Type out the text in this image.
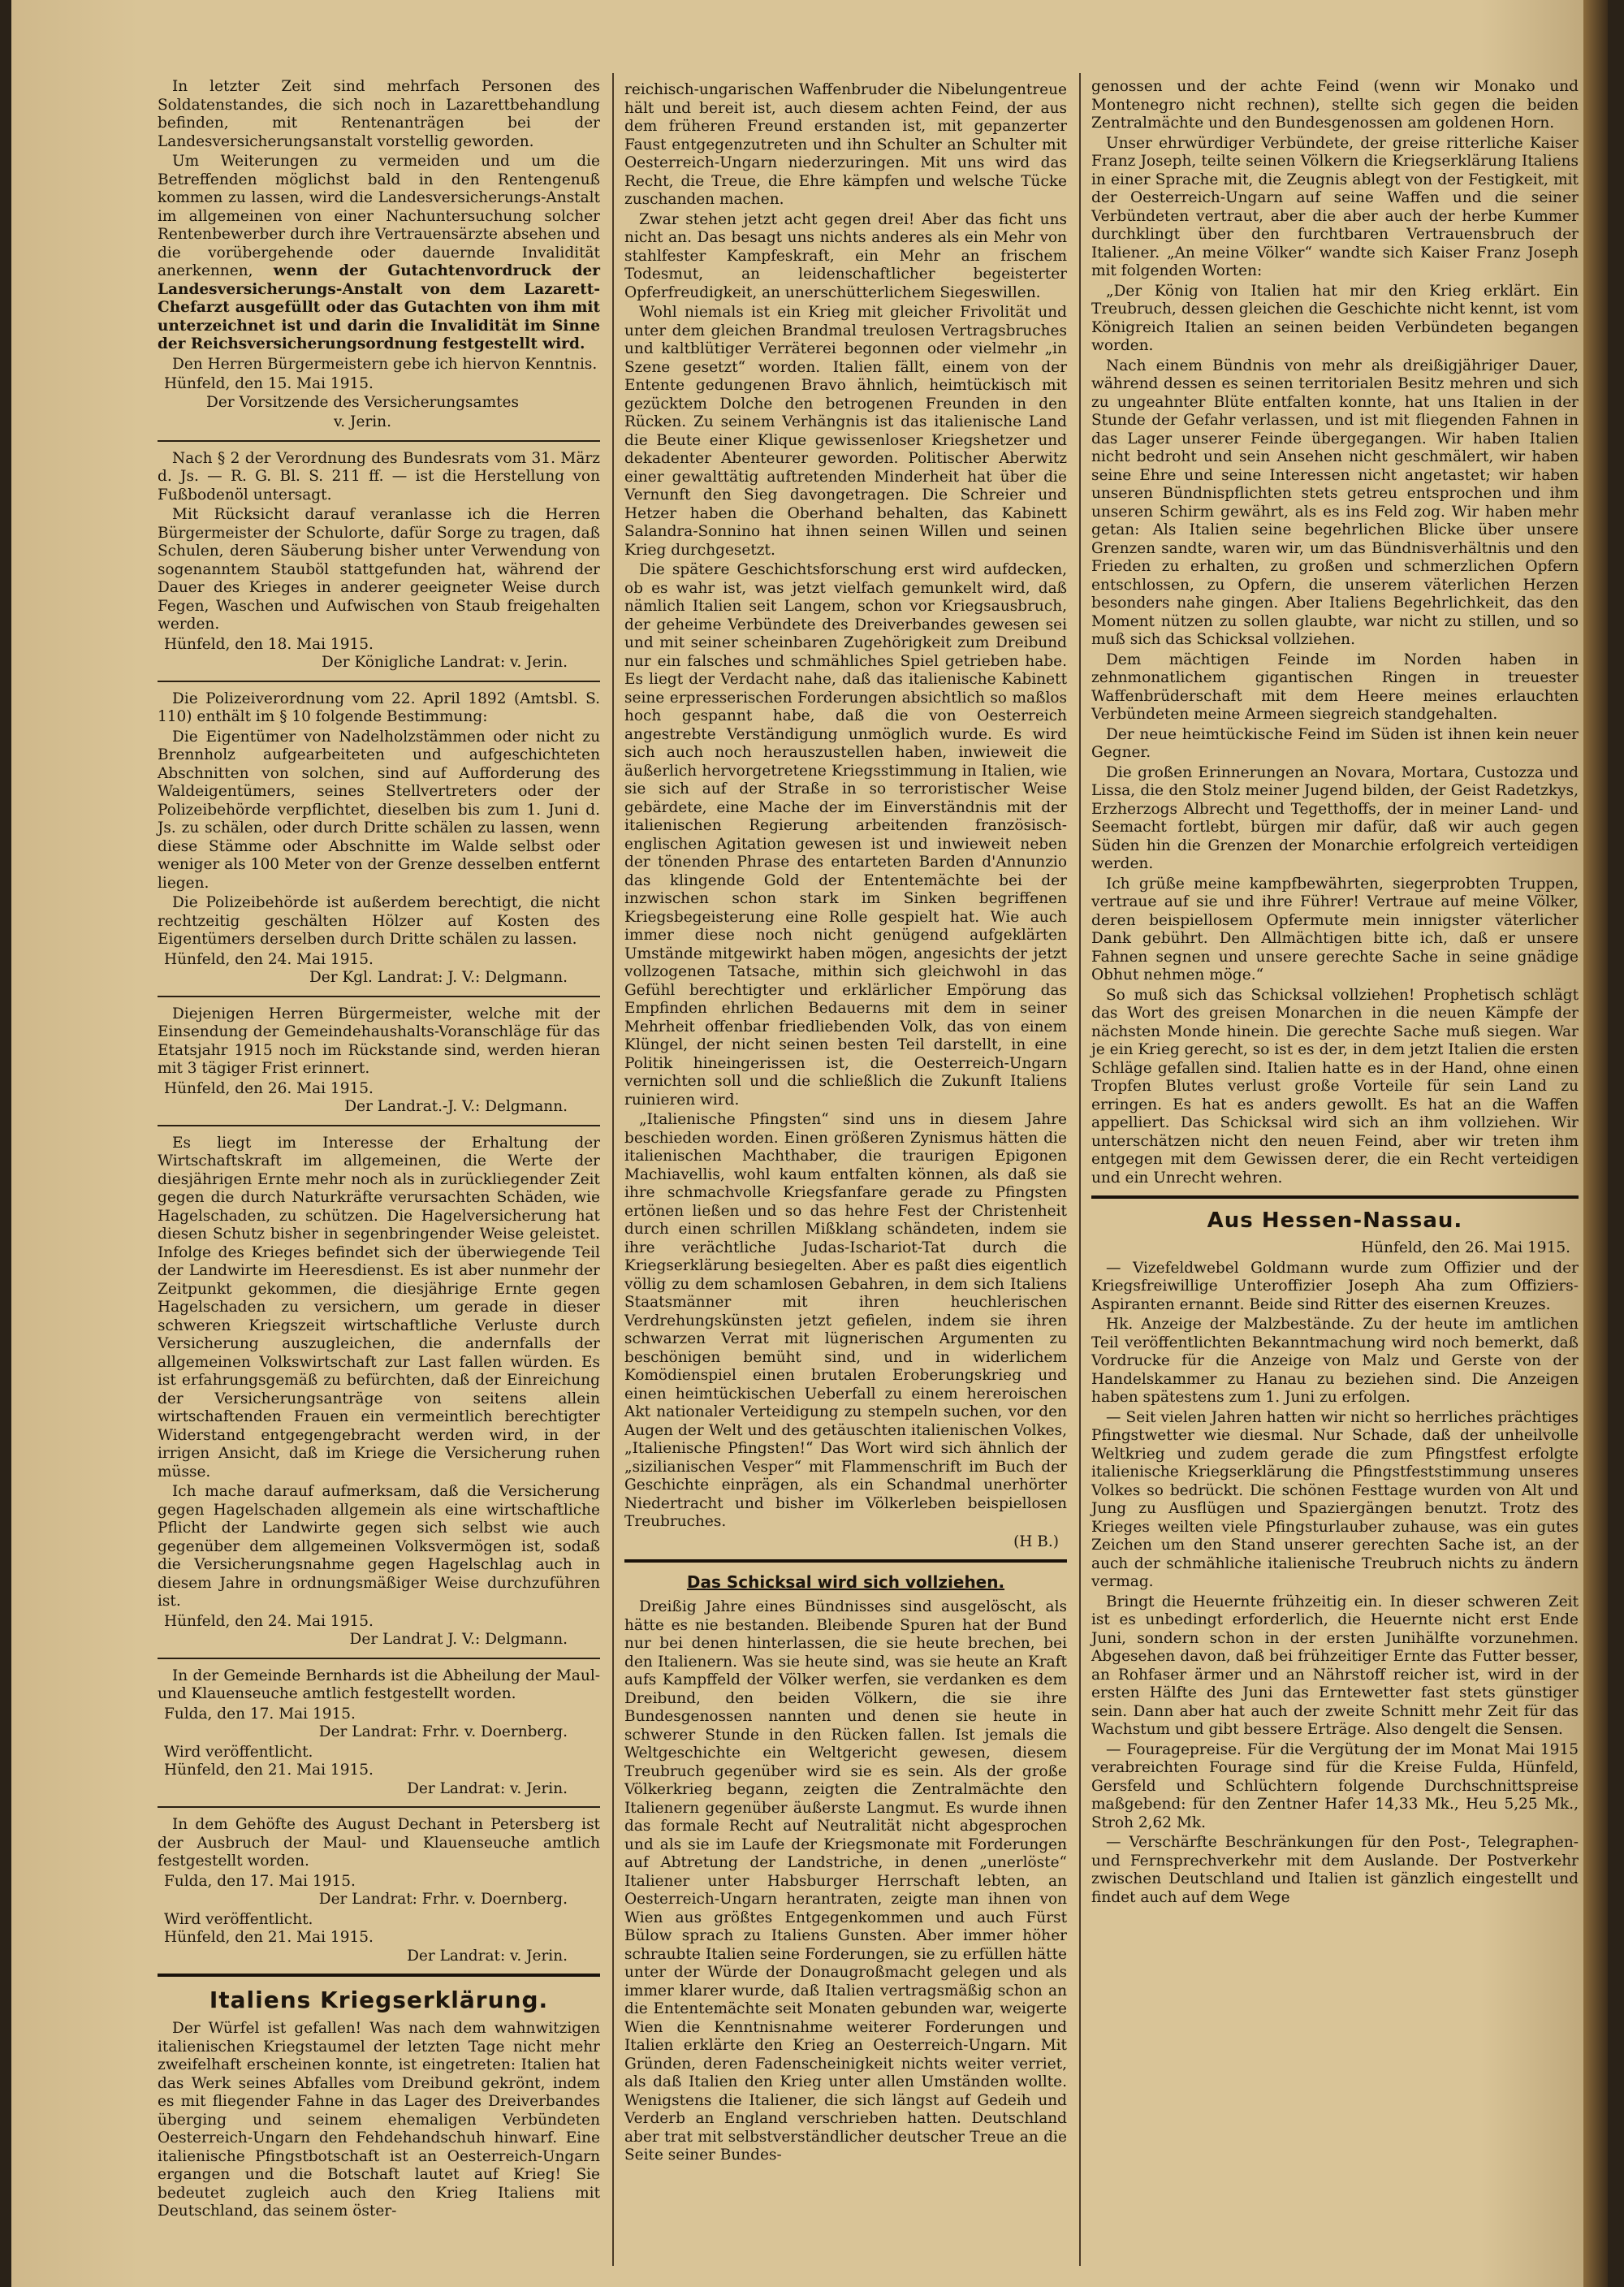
In letzter Zeit sind mehrfach Personen des Soldatenstandes, die sich noch in Lazarettbehandlung befinden, mit Rentenanträgen bei der Landesversicherungsanstalt vorstellig geworden.

Um Weiterungen zu vermeiden und um die Betreffenden möglichst bald in den Rentengenuß kommen zu lassen, wird die Landesversicherungs-Anstalt im allgemeinen von einer Nachuntersuchung solcher Rentenbewerber durch ihre Vertrauensärzte absehen und die vorübergehende oder dauernde Invalidität anerkennen, wenn der Gutachtenvordruck der Landesversicherungs-Anstalt von dem Lazarett-Chefarzt ausgefüllt oder das Gutachten von ihm mit unterzeichnet ist und darin die Invalidität im Sinne der Reichsversicherungsordnung festgestellt wird.

Den Herren Bürgermeistern gebe ich hiervon Kenntnis.

Hünfeld, den 15. Mai 1915.
Der Vorsitzende des Versicherungsamtes
v. Jerin.

Nach § 2 der Verordnung des Bundesrats vom 31. März d. Js. — R. G. Bl. S. 211 ff. — ist die Herstellung von Fußbodenöl untersagt.

Mit Rücksicht darauf veranlasse ich die Herren Bürgermeister der Schulorte, dafür Sorge zu tragen, daß Schulen, deren Säuberung bisher unter Verwendung von sogenanntem Stauböl stattgefunden hat, während der Dauer des Krieges in anderer geeigneter Weise durch Fegen, Waschen und Aufwischen von Staub freigehalten werden.

Hünfeld, den 18. Mai 1915.
Der Königliche Landrat: v. Jerin.

Die Polizeiverordnung vom 22. April 1892 (Amtsbl. S. 110) enthält im § 10 folgende Bestimmung:

Die Eigentümer von Nadelholzstämmen oder nicht zu Brennholz aufgearbeiteten und aufgeschichteten Abschnitten von solchen, sind auf Aufforderung des Waldeigentümers, seines Stellvertreters oder der Polizeibehörde verpflichtet, dieselben bis zum 1. Juni d. Js. zu schälen, oder durch Dritte schälen zu lassen, wenn diese Stämme oder Abschnitte im Walde selbst oder weniger als 100 Meter von der Grenze desselben entfernt liegen.

Die Polizeibehörde ist außerdem berechtigt, die nicht rechtzeitig geschälten Hölzer auf Kosten des Eigentümers derselben durch Dritte schälen zu lassen.

Hünfeld, den 24. Mai 1915.
Der Kgl. Landrat: J. V.: Delgmann.

Diejenigen Herren Bürgermeister, welche mit der Einsendung der Gemeindehaushalts-Voranschläge für das Etatsjahr 1915 noch im Rückstande sind, werden hieran mit 3 tägiger Frist erinnert.

Hünfeld, den 26. Mai 1915.
Der Landrat.-J. V.: Delgmann.

Es liegt im Interesse der Erhaltung der Wirtschaftskraft im allgemeinen, die Werte der diesjährigen Ernte mehr noch als in zurückliegender Zeit gegen die durch Naturkräfte verursachten Schäden, wie Hagelschaden, zu schützen. Die Hagelversicherung hat diesen Schutz bisher in segenbringender Weise geleistet. Infolge des Krieges befindet sich der überwiegende Teil der Landwirte im Heeresdienst. Es ist aber nunmehr der Zeitpunkt gekommen, die diesjährige Ernte gegen Hagelschaden zu versichern, um gerade in dieser schweren Kriegszeit wirtschaftliche Verluste durch Versicherung auszugleichen, die andernfalls der allgemeinen Volkswirtschaft zur Last fallen würden. Es ist erfahrungsgemäß zu befürchten, daß der Einreichung der Versicherungsanträge von seitens allein wirtschaftenden Frauen ein vermeintlich berechtigter Widerstand entgegengebracht werden wird, in der irrigen Ansicht, daß im Kriege die Versicherung ruhen müsse.

Ich mache darauf aufmerksam, daß die Versicherung gegen Hagelschaden allgemein als eine wirtschaftliche Pflicht der Landwirte gegen sich selbst wie auch gegenüber dem allgemeinen Volksvermögen ist, sodaß die Versicherungsnahme gegen Hagelschlag auch in diesem Jahre in ordnungsmäßiger Weise durchzuführen ist.

Hünfeld, den 24. Mai 1915.
Der Landrat J. V.: Delgmann.

In der Gemeinde Bernhards ist die Abheilung der Maul- und Klauenseuche amtlich festgestellt worden.

Fulda, den 17. Mai 1915.
Der Landrat: Frhr. v. Doernberg.
Wird veröffentlicht.
Hünfeld, den 21. Mai 1915.
Der Landrat: v. Jerin.

In dem Gehöfte des August Dechant in Petersberg ist der Ausbruch der Maul- und Klauenseuche amtlich festgestellt worden.

Fulda, den 17. Mai 1915.
Der Landrat: Frhr. v. Doernberg.
Wird veröffentlicht.
Hünfeld, den 21. Mai 1915.
Der Landrat: v. Jerin.
Italiens Kriegserklärung.

Der Würfel ist gefallen! Was nach dem wahnwitzigen italienischen Kriegstaumel der letzten Tage nicht mehr zweifelhaft erscheinen konnte, ist eingetreten: Italien hat das Werk seines Abfalles vom Dreibund gekrönt, indem es mit fliegender Fahne in das Lager des Dreiverbandes überging und seinem ehemaligen Verbündeten Oesterreich-Ungarn den Fehdehandschuh hinwarf. Eine italienische Pfingstbotschaft ist an Oesterreich-Ungarn ergangen und die Botschaft lautet auf Krieg! Sie bedeutet zugleich auch den Krieg Italiens mit Deutschland, das seinem öster-

reichisch-ungarischen Waffenbruder die Nibelungentreue hält und bereit ist, auch diesem achten Feind, der aus dem früheren Freund erstanden ist, mit gepanzerter Faust entgegenzutreten und ihn Schulter an Schulter mit Oesterreich-Ungarn niederzuringen. Mit uns wird das Recht, die Treue, die Ehre kämpfen und welsche Tücke zuschanden machen.

Zwar stehen jetzt acht gegen drei! Aber das ficht uns nicht an. Das besagt uns nichts anderes als ein Mehr von stahlfester Kampfeskraft, ein Mehr an frischem Todesmut, an leidenschaftlicher begeisterter Opferfreudigkeit, an unerschütterlichem Siegeswillen.

Wohl niemals ist ein Krieg mit gleicher Frivolität und unter dem gleichen Brandmal treulosen Vertragsbruches und kaltblütiger Verräterei begonnen oder vielmehr „in Szene gesetzt“ worden. Italien fällt, einem von der Entente gedungenen Bravo ähnlich, heimtückisch mit gezücktem Dolche den betrogenen Freunden in den Rücken. Zu seinem Verhängnis ist das italienische Land die Beute einer Klique gewissenloser Kriegshetzer und dekadenter Abenteurer geworden. Politischer Aberwitz einer gewalttätig auftretenden Minderheit hat über die Vernunft den Sieg davongetragen. Die Schreier und Hetzer haben die Oberhand behalten, das Kabinett Salandra-Sonnino hat ihnen seinen Willen und seinen Krieg durchgesetzt.

Die spätere Geschichtsforschung erst wird aufdecken, ob es wahr ist, was jetzt vielfach gemunkelt wird, daß nämlich Italien seit Langem, schon vor Kriegsausbruch, der geheime Verbündete des Dreiverbandes gewesen sei und mit seiner scheinbaren Zugehörigkeit zum Dreibund nur ein falsches und schmähliches Spiel getrieben habe. Es liegt der Verdacht nahe, daß das italienische Kabinett seine erpresserischen Forderungen absichtlich so maßlos hoch gespannt habe, daß die von Oesterreich angestrebte Verständigung unmöglich wurde. Es wird sich auch noch herauszustellen haben, inwieweit die äußerlich hervorgetretene Kriegsstimmung in Italien, wie sie sich auf der Straße in so terroristischer Weise gebärdete, eine Mache der im Einverständnis mit der italienischen Regierung arbeitenden französisch-englischen Agitation gewesen ist und inwieweit neben der tönenden Phrase des entarteten Barden d'Annunzio das klingende Gold der Ententemächte bei der inzwischen schon stark im Sinken begriffenen Kriegsbegeisterung eine Rolle gespielt hat. Wie auch immer diese noch nicht genügend aufgeklärten Umstände mitgewirkt haben mögen, angesichts der jetzt vollzogenen Tatsache, mithin sich gleichwohl in das Gefühl berechtigter und erklärlicher Empörung das Empfinden ehrlichen Bedauerns mit dem in seiner Mehrheit offenbar friedliebenden Volk, das von einem Klüngel, der nicht seinen besten Teil darstellt, in eine Politik hineingerissen ist, die Oesterreich-Ungarn vernichten soll und die schließlich die Zukunft Italiens ruinieren wird.

„Italienische Pfingsten“ sind uns in diesem Jahre beschieden worden. Einen größeren Zynismus hätten die italienischen Machthaber, die traurigen Epigonen Machiavellis, wohl kaum entfalten können, als daß sie ihre schmachvolle Kriegsfanfare gerade zu Pfingsten ertönen ließen und so das hehre Fest der Christenheit durch einen schrillen Mißklang schändeten, indem sie ihre verächtliche Judas-Ischariot-Tat durch die Kriegserklärung besiegelten. Aber es paßt dies eigentlich völlig zu dem schamlosen Gebahren, in dem sich Italiens Staatsmänner mit ihren heuchlerischen Verdrehungskünsten jetzt gefielen, indem sie ihren schwarzen Verrat mit lügnerischen Argumenten zu beschönigen bemüht sind, und in widerlichem Komödienspiel einen brutalen Eroberungskrieg und einen heimtückischen Ueberfall zu einem hereroischen Akt nationaler Verteidigung zu stempeln suchen, vor den Augen der Welt und des getäuschten italienischen Volkes, „Italienische Pfingsten!“ Das Wort wird sich ähnlich der „sizilianischen Vesper“ mit Flammenschrift im Buch der Geschichte einprägen, als ein Schandmal unerhörter Niedertracht und bisher im Völkerleben beispiellosen Treubruches.

(H B.)
Das Schicksal wird sich vollziehen.

Dreißig Jahre eines Bündnisses sind ausgelöscht, als hätte es nie bestanden. Bleibende Spuren hat der Bund nur bei denen hinterlassen, die sie heute brechen, bei den Italienern. Was sie heute sind, was sie heute an Kraft aufs Kampffeld der Völker werfen, sie verdanken es dem Dreibund, den beiden Völkern, die sie ihre Bundesgenossen nannten und denen sie heute in schwerer Stunde in den Rücken fallen. Ist jemals die Weltgeschichte ein Weltgericht gewesen, diesem Treubruch gegenüber wird sie es sein. Als der große Völkerkrieg begann, zeigten die Zentralmächte den Italienern gegenüber äußerste Langmut. Es wurde ihnen das formale Recht auf Neutralität nicht abgesprochen und als sie im Laufe der Kriegsmonate mit Forderungen auf Abtretung der Landstriche, in denen „unerlöste“ Italiener unter Habsburger Herrschaft lebten, an Oesterreich-Ungarn herantraten, zeigte man ihnen von Wien aus größtes Entgegenkommen und auch Fürst Bülow sprach zu Italiens Gunsten. Aber immer höher schraubte Italien seine Forderungen, sie zu erfüllen hätte unter der Würde der Donaugroßmacht gelegen und als immer klarer wurde, daß Italien vertragsmäßig schon an die Ententemächte seit Monaten gebunden war, weigerte Wien die Kenntnisnahme weiterer Forderungen und Italien erklärte den Krieg an Oesterreich-Ungarn. Mit Gründen, deren Fadenscheinigkeit nichts weiter verriet, als daß Italien den Krieg unter allen Umständen wollte. Wenigstens die Italiener, die sich längst auf Gedeih und Verderb an England verschrieben hatten. Deutschland aber trat mit selbstverständlicher deutscher Treue an die Seite seiner Bundes-

genossen und der achte Feind (wenn wir Monako und Montenegro nicht rechnen), stellte sich gegen die beiden Zentralmächte und den Bundesgenossen am goldenen Horn.

Unser ehrwürdiger Verbündete, der greise ritterliche Kaiser Franz Joseph, teilte seinen Völkern die Kriegserklärung Italiens in einer Sprache mit, die Zeugnis ablegt von der Festigkeit, mit der Oesterreich-Ungarn auf seine Waffen und die seiner Verbündeten vertraut, aber die aber auch der herbe Kummer durchklingt über den furchtbaren Vertrauensbruch der Italiener. „An meine Völker“ wandte sich Kaiser Franz Joseph mit folgenden Worten:

„Der König von Italien hat mir den Krieg erklärt. Ein Treubruch, dessen gleichen die Geschichte nicht kennt, ist vom Königreich Italien an seinen beiden Verbündeten begangen worden.

Nach einem Bündnis von mehr als dreißigjähriger Dauer, während dessen es seinen territorialen Besitz mehren und sich zu ungeahnter Blüte entfalten konnte, hat uns Italien in der Stunde der Gefahr verlassen, und ist mit fliegenden Fahnen in das Lager unserer Feinde übergegangen. Wir haben Italien nicht bedroht und sein Ansehen nicht geschmälert, wir haben seine Ehre und seine Interessen nicht angetastet; wir haben unseren Bündnispflichten stets getreu entsprochen und ihm unseren Schirm gewährt, als es ins Feld zog. Wir haben mehr getan: Als Italien seine begehrlichen Blicke über unsere Grenzen sandte, waren wir, um das Bündnisverhältnis und den Frieden zu erhalten, zu großen und schmerzlichen Opfern entschlossen, zu Opfern, die unserem väterlichen Herzen besonders nahe gingen. Aber Italiens Begehrlichkeit, das den Moment nützen zu sollen glaubte, war nicht zu stillen, und so muß sich das Schicksal vollziehen.

Dem mächtigen Feinde im Norden haben in zehnmonatlichem gigantischen Ringen in treuester Waffenbrüderschaft mit dem Heere meines erlauchten Verbündeten meine Armeen siegreich standgehalten.

Der neue heimtückische Feind im Süden ist ihnen kein neuer Gegner.

Die großen Erinnerungen an Novara, Mortara, Custozza und Lissa, die den Stolz meiner Jugend bilden, der Geist Radetzkys, Erzherzogs Albrecht und Tegetthoffs, der in meiner Land- und Seemacht fortlebt, bürgen mir dafür, daß wir auch gegen Süden hin die Grenzen der Monarchie erfolgreich verteidigen werden.

Ich grüße meine kampfbewährten, siegerprobten Truppen, vertraue auf sie und ihre Führer! Vertraue auf meine Völker, deren beispiellosem Opfermute mein innigster väterlicher Dank gebührt. Den Allmächtigen bitte ich, daß er unsere Fahnen segnen und unsere gerechte Sache in seine gnädige Obhut nehmen möge.“

So muß sich das Schicksal vollziehen! Prophetisch schlägt das Wort des greisen Monarchen in die neuen Kämpfe der nächsten Monde hinein. Die gerechte Sache muß siegen. War je ein Krieg gerecht, so ist es der, in dem jetzt Italien die ersten Schläge gefallen sind. Italien hatte es in der Hand, ohne einen Tropfen Blutes verlust große Vorteile für sein Land zu erringen. Es hat es anders gewollt. Es hat an die Waffen appelliert. Das Schicksal wird sich an ihm vollziehen. Wir unterschätzen nicht den neuen Feind, aber wir treten ihm entgegen mit dem Gewissen derer, die ein Recht verteidigen und ein Unrecht wehren.

Aus Hessen-Nassau.
Hünfeld, den 26. Mai 1915.

— Vizefeldwebel Goldmann wurde zum Offizier und der Kriegsfreiwillige Unteroffizier Joseph Aha zum Offiziers-Aspiranten ernannt. Beide sind Ritter des eisernen Kreuzes.

Hk. Anzeige der Malzbestände. Zu der heute im amtlichen Teil veröffentlichten Bekanntmachung wird noch bemerkt, daß Vordrucke für die Anzeige von Malz und Gerste von der Handelskammer zu Hanau zu beziehen sind. Die Anzeigen haben spätestens zum 1. Juni zu erfolgen.

— Seit vielen Jahren hatten wir nicht so herrliches prächtiges Pfingstwetter wie diesmal. Nur Schade, daß der unheilvolle Weltkrieg und zudem gerade die zum Pfingstfest erfolgte italienische Kriegserklärung die Pfingstfeststimmung unseres Volkes so bedrückt. Die schönen Festtage wurden von Alt und Jung zu Ausflügen und Spaziergängen benutzt. Trotz des Krieges weilten viele Pfingsturlauber zuhause, was ein gutes Zeichen um den Stand unserer gerechten Sache ist, an der auch der schmähliche italienische Treubruch nichts zu ändern vermag.

Bringt die Heuernte frühzeitig ein. In dieser schweren Zeit ist es unbedingt erforderlich, die Heuernte nicht erst Ende Juni, sondern schon in der ersten Junihälfte vorzunehmen. Abgesehen davon, daß bei frühzeitiger Ernte das Futter besser, an Rohfaser ärmer und an Nährstoff reicher ist, wird in der ersten Hälfte des Juni das Erntewetter fast stets günstiger sein. Dann aber hat auch der zweite Schnitt mehr Zeit für das Wachstum und gibt bessere Erträge. Also dengelt die Sensen.

— Fouragepreise. Für die Vergütung der im Monat Mai 1915 verabreichten Fourage sind für die Kreise Fulda, Hünfeld, Gersfeld und Schlüchtern folgende Durchschnittspreise maßgebend: für den Zentner Hafer 14,33 Mk., Heu 5,25 Mk., Stroh 2,62 Mk.

— Verschärfte Beschränkungen für den Post-, Telegraphen- und Fernsprechverkehr mit dem Auslande. Der Postverkehr zwischen Deutschland und Italien ist gänzlich eingestellt und findet auch auf dem Wege
